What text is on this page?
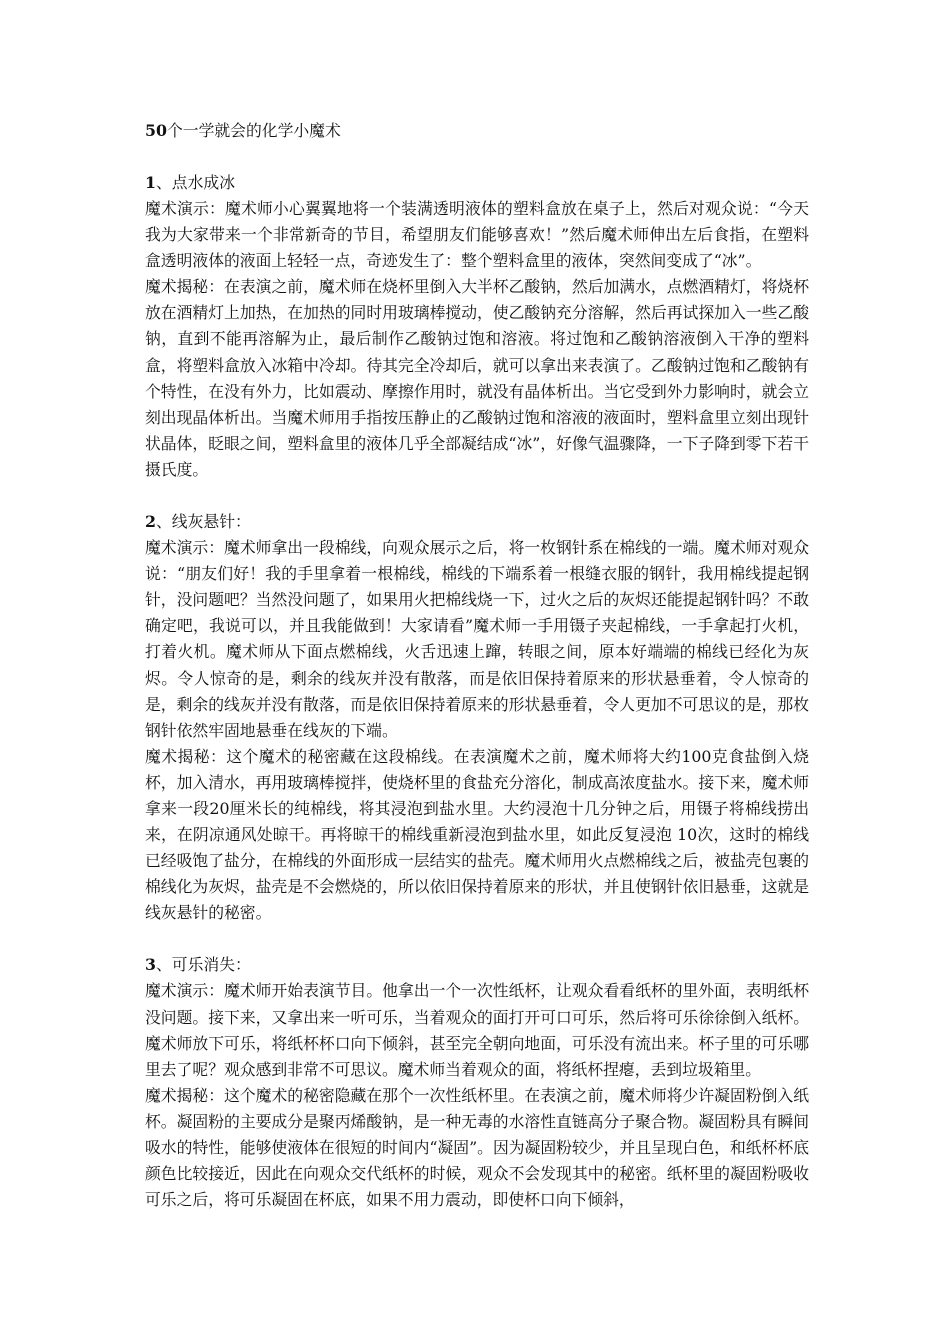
50个一学就会的化学小魔术
1、点水成冰

魔术演示：魔术师小心翼翼地将一个装满透明液体的塑料盒放在桌子上，然后对观众说：“今天我为大家带来一个非常新奇的节目，希望朋友们能够喜欢！”然后魔术师伸出左后食指，在塑料盒透明液体的液面上轻轻一点，奇迹发生了：整个塑料盒里的液体，突然间变成了“冰”。

魔术揭秘：在表演之前，魔术师在烧杯里倒入大半杯乙酸钠，然后加满水，点燃酒精灯，将烧杯放在酒精灯上加热，在加热的同时用玻璃棒搅动，使乙酸钠充分溶解，然后再试探加入一些乙酸钠，直到不能再溶解为止，最后制作乙酸钠过饱和溶液。将过饱和乙酸钠溶液倒入干净的塑料盒，将塑料盒放入冰箱中冷却。待其完全冷却后，就可以拿出来表演了。乙酸钠过饱和乙酸钠有个特性，在没有外力，比如震动、摩擦作用时，就没有晶体析出。当它受到外力影响时，就会立刻出现晶体析出。当魔术师用手指按压静止的乙酸钠过饱和溶液的液面时，塑料盒里立刻出现针状晶体，眨眼之间，塑料盒里的液体几乎全部凝结成“冰”，好像气温骤降，一下子降到零下若干摄氏度。

2、线灰悬针：

魔术演示：魔术师拿出一段棉线，向观众展示之后，将一枚钢针系在棉线的一端。魔术师对观众说：“朋友们好！我的手里拿着一根棉线，棉线的下端系着一根缝衣服的钢针，我用棉线提起钢针，没问题吧？当然没问题了，如果用火把棉线烧一下，过火之后的灰烬还能提起钢针吗？不敢确定吧，我说可以，并且我能做到！大家请看”魔术师一手用镊子夹起棉线，一手拿起打火机，打着火机。魔术师从下面点燃棉线，火舌迅速上蹿，转眼之间，原本好端端的棉线已经化为灰烬。令人惊奇的是，剩余的线灰并没有散落，而是依旧保持着原来的形状悬垂着，令人惊奇的是，剩余的线灰并没有散落，而是依旧保持着原来的形状悬垂着，令人更加不可思议的是，那枚钢针依然牢固地悬垂在线灰的下端。

魔术揭秘：这个魔术的秘密藏在这段棉线。在表演魔术之前，魔术师将大约100克食盐倒入烧杯，加入清水，再用玻璃棒搅拌，使烧杯里的食盐充分溶化，制成高浓度盐水。接下来，魔术师拿来一段20厘米长的纯棉线，将其浸泡到盐水里。大约浸泡十几分钟之后，用镊子将棉线捞出来，在阴凉通风处晾干。再将晾干的棉线重新浸泡到盐水里，如此反复浸泡 10次，这时的棉线已经吸饱了盐分，在棉线的外面形成一层结实的盐壳。魔术师用火点燃棉线之后，被盐壳包裹的棉线化为灰烬，盐壳是不会燃烧的，所以依旧保持着原来的形状，并且使钢针依旧悬垂，这就是线灰悬针的秘密。

3、可乐消失：

魔术演示：魔术师开始表演节目。他拿出一个一次性纸杯，让观众看看纸杯的里外面，表明纸杯没问题。接下来，又拿出来一听可乐，当着观众的面打开可口可乐，然后将可乐徐徐倒入纸杯。魔术师放下可乐，将纸杯杯口向下倾斜，甚至完全朝向地面，可乐没有流出来。杯子里的可乐哪里去了呢？观众感到非常不可思议。魔术师当着观众的面，将纸杯捏瘪，丢到垃圾箱里。

魔术揭秘：这个魔术的秘密隐藏在那个一次性纸杯里。在表演之前，魔术师将少许凝固粉倒入纸杯。凝固粉的主要成分是聚丙烯酸钠，是一种无毒的水溶性直链高分子聚合物。凝固粉具有瞬间吸水的特性，能够使液体在很短的时间内“凝固”。因为凝固粉较少，并且呈现白色，和纸杯杯底颜色比较接近，因此在向观众交代纸杯的时候，观众不会发现其中的秘密。纸杯里的凝固粉吸收可乐之后，将可乐凝固在杯底，如果不用力震动，即使杯口向下倾斜，
